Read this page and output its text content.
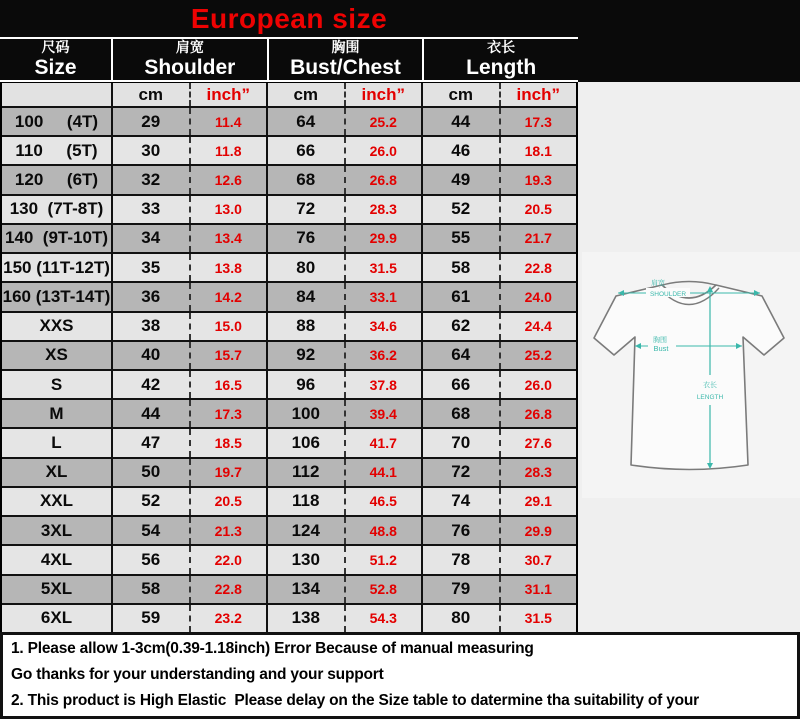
European size
尺码
Size
肩宽
Shoulder
胸围
Bust/Chest
衣长
Length
cm	inch”	cm	inch”	cm	inch”
100     (4T)	29	11.4	64	25.2	44	17.3
110     (5T)	30	11.8	66	26.0	46	18.1
120     (6T)	32	12.6	68	26.8	49	19.3
130  (7T-8T)	33	13.0	72	28.3	52	20.5
140  (9T-10T)	34	13.4	76	29.9	55	21.7
150 (11T-12T)	35	13.8	80	31.5	58	22.8
160 (13T-14T)	36	14.2	84	33.1	61	24.0
XXS	38	15.0	88	34.6	62	24.4
XS	40	15.7	92	36.2	64	25.2
S	42	16.5	96	37.8	66	26.0
M	44	17.3	100	39.4	68	26.8
L	47	18.5	106	41.7	70	27.6
XL	50	19.7	112	44.1	72	28.3
XXL	52	20.5	118	46.5	74	29.1
3XL	54	21.3	124	48.8	76	29.9
4XL	56	22.0	130	51.2	78	30.7
5XL	58	22.8	134	52.8	79	31.1
6XL	59	23.2	138	54.3	80	31.5
肩宽
SHOULDER
胸围
Bust
衣长
LENGTH
1. Please allow 1-3cm(0.39-1.18inch) Error Because of manual measuring
Go thanks for your understanding and your support
2. This product is High Elastic  Please delay on the Size table to datermine tha suitability of your
